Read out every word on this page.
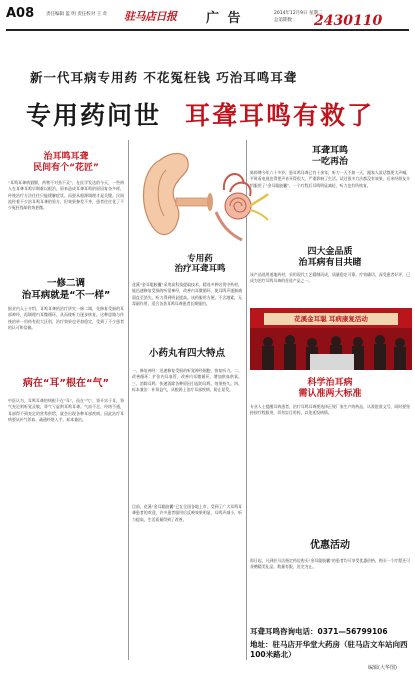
A08	责任编辑 蓝 明 责任校对 王 奇 驻马店日报 广 告	2014年12月9日 星期二
总第期数： 2430110
新一代耳病专用药 不花冤枉钱 巧治耳鸣耳聋
专用药问世 耳聋耳鸣有救了
治耳鸣耳聋
民间有个“花匠”
“耳鸣耳聋病猖獗，药物不对劲不灵”，在医学发达的今天，一些病人在耳聋耳鸣早期难以根治，原来造成耳聋耳鸣的原因复杂多样，传统治疗方法往往只能缓解症状，而要从根源调理才是关键。民间流传着不少治耳鸣耳聋的验方，但效果参差不齐，患者往往花了不少冤枉钱却收效甚微。
一修二调
治耳病就是“不一样”
据业内人士介绍，耳鸣耳聋的治疗讲究一修二调，先修复受损的耳部神经，再调理内耳微循环，从而使听力逐步恢复。这种思路与传统的单一用药有很大区别，治疗效果也更加稳定，受到了不少患者的认可和信赖。
病在“耳”根在“气”
中医认为，耳鸣耳聋的病根不在“耳”，而在“气”，肾开窍于耳，肾气充足则听觉灵敏，肾气亏虚则耳鸣耳聋。气血不足、经络不通，耳部得不到充足的营养供给，就会出现各种耳部疾病。因此治疗耳病要从补气养血、疏通经络入手，标本兼治。
专用药
治疗耳聋耳鸣
花溪“金耳聪胶囊”采用高科技提取技术，精选多种名贵中药材，能迅速修复受损的听觉神经，改善内耳微循环，使耳鸣声逐渐减弱直至消失，听力得到明显提高。该药服用方便，不含激素，无毒副作用，适合各类耳鸣耳聋患者长期服用。
小药丸有四大特点
一、修复神经：迅速修复受损的听觉神经细胞，恢复听力。二、改善循环：扩张内耳血管，改善内耳微循环，增加供血供氧。三、消除耳鸣：快速消除各种原因引起的耳鸣，效果持久。四、标本兼治：补肾益气，从根源上治疗耳部疾病，防止复发。
目前，花溪“金耳聪胶囊”已在全国各地上市，受到了广大耳鸣耳聋患者的欢迎，许多患者服用后反映效果明显，耳鸣声减小，听力提高，生活质量得到了改善。
耳聋耳鸣
一吃再治
陈师傅今年六十多岁，患耳鸣耳聋已有十余年，听力一天不如一天，跟家人说话都要大声喊，平时看电视也得把声音开得很大，严重影响了生活。试过很多方法都没有效果，后来经朋友介绍服用了“金耳聪胶囊”，一个疗程后耳鸣明显减轻，听力也有所恢复。
四大金品质
治耳病有目共睹
该产品选用道地药材，采用现代工艺精制而成，质量稳定可靠，疗效确切，深受患者好评，已成为治疗耳鸣耳聋的首选产品之一。
花溪金耳聪 耳病康复活动
科学治耳病
需认准两大标准
专业人士提醒耳病患者，治疗耳鸣耳聋要选择正规厂家生产的药品，认准批准文号，同时要坚持按疗程服用，切勿盲目用药，以免延误病情。
优惠活动
即日起，凡到驻马店指定药店购买“金耳聪胶囊”的患者均可享受优惠价格，购买一个疗程还可获赠精美礼品，数量有限，送完为止。
耳聋耳鸣咨询电话：0371—56799106
地址：驻马店开华堂大药房（驻马店文车站向西100米路北）
编辑(大华图)
